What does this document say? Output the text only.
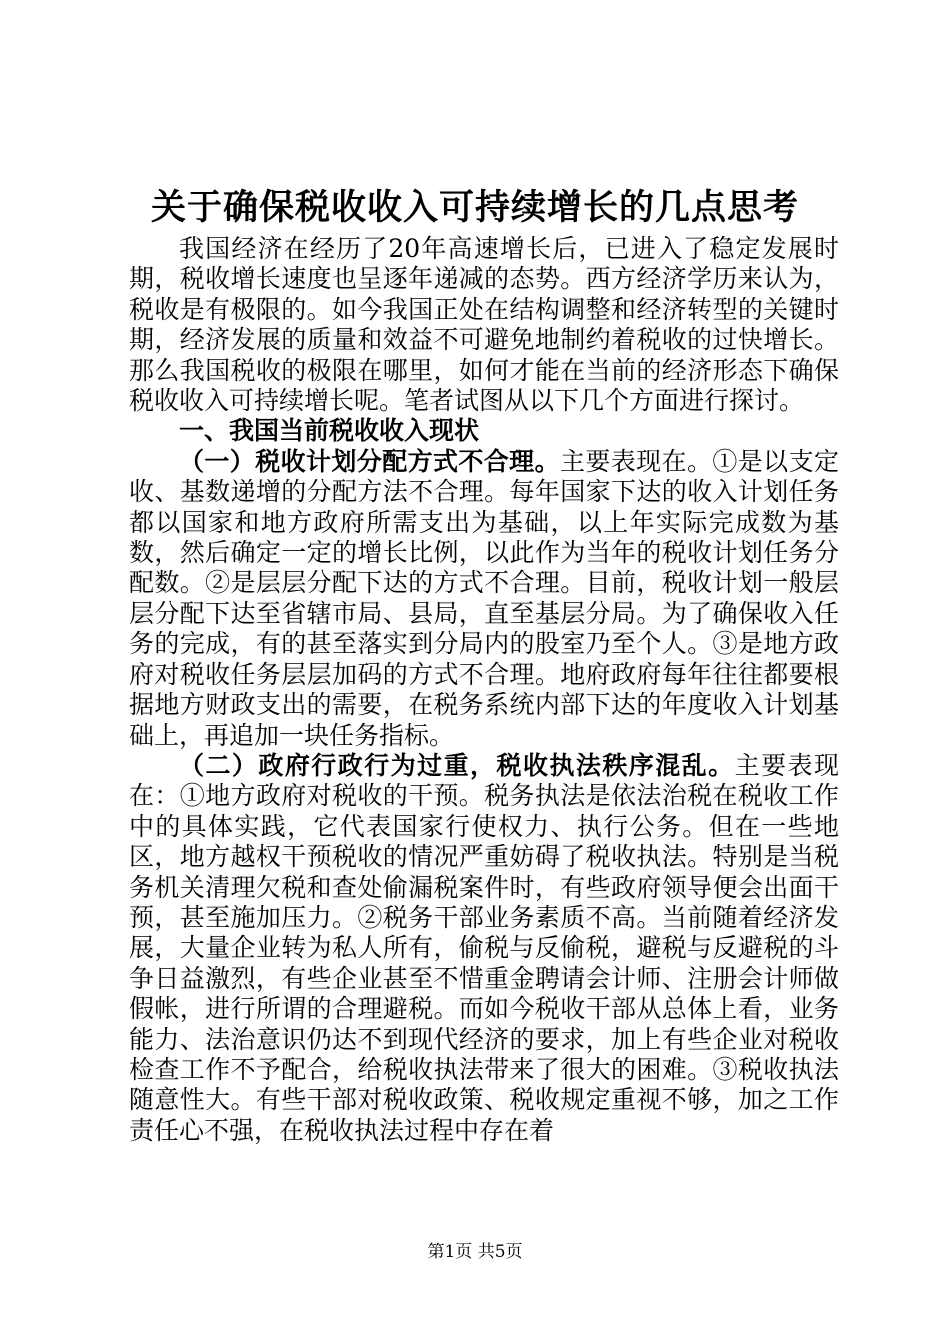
关于确保税收收入可持续增长的几点思考

我国经济在经历了20年高速增长后，已进入了稳定发展时期，税收增长速度也呈逐年递减的态势。西方经济学历来认为，税收是有极限的。如今我国正处在结构调整和经济转型的关键时期，经济发展的质量和效益不可避免地制约着税收的过快增长。那么我国税收的极限在哪里，如何才能在当前的经济形态下确保税收收入可持续增长呢。笔者试图从以下几个方面进行探讨。

一、我国当前税收收入现状

（一）税收计划分配方式不合理。主要表现在。①是以支定收、基数递增的分配方法不合理。每年国家下达的收入计划任务都以国家和地方政府所需支出为基础，以上年实际完成数为基数，然后确定一定的增长比例，以此作为当年的税收计划任务分配数。②是层层分配下达的方式不合理。目前，税收计划一般层层分配下达至省辖市局、县局，直至基层分局。为了确保收入任务的完成，有的甚至落实到分局内的股室乃至个人。③是地方政府对税收任务层层加码的方式不合理。地府政府每年往往都要根据地方财政支出的需要，在税务系统内部下达的年度收入计划基础上，再追加一块任务指标。

（二）政府行政行为过重，税收执法秩序混乱。主要表现在：①地方政府对税收的干预。税务执法是依法治税在税收工作中的具体实践，它代表国家行使权力、执行公务。但在一些地区，地方越权干预税收的情况严重妨碍了税收执法。特别是当税务机关清理欠税和查处偷漏税案件时，有些政府领导便会出面干预，甚至施加压力。②税务干部业务素质不高。当前随着经济发展，大量企业转为私人所有，偷税与反偷税，避税与反避税的斗争日益激烈，有些企业甚至不惜重金聘请会计师、注册会计师做假帐，进行所谓的合理避税。而如今税收干部从总体上看，业务能力、法治意识仍达不到现代经济的要求，加上有些企业对税收检查工作不予配合，给税收执法带来了很大的困难。③税收执法随意性大。有些干部对税收政策、税收规定重视不够，加之工作责任心不强，在税收执法过程中存在着

第1页 共5页
